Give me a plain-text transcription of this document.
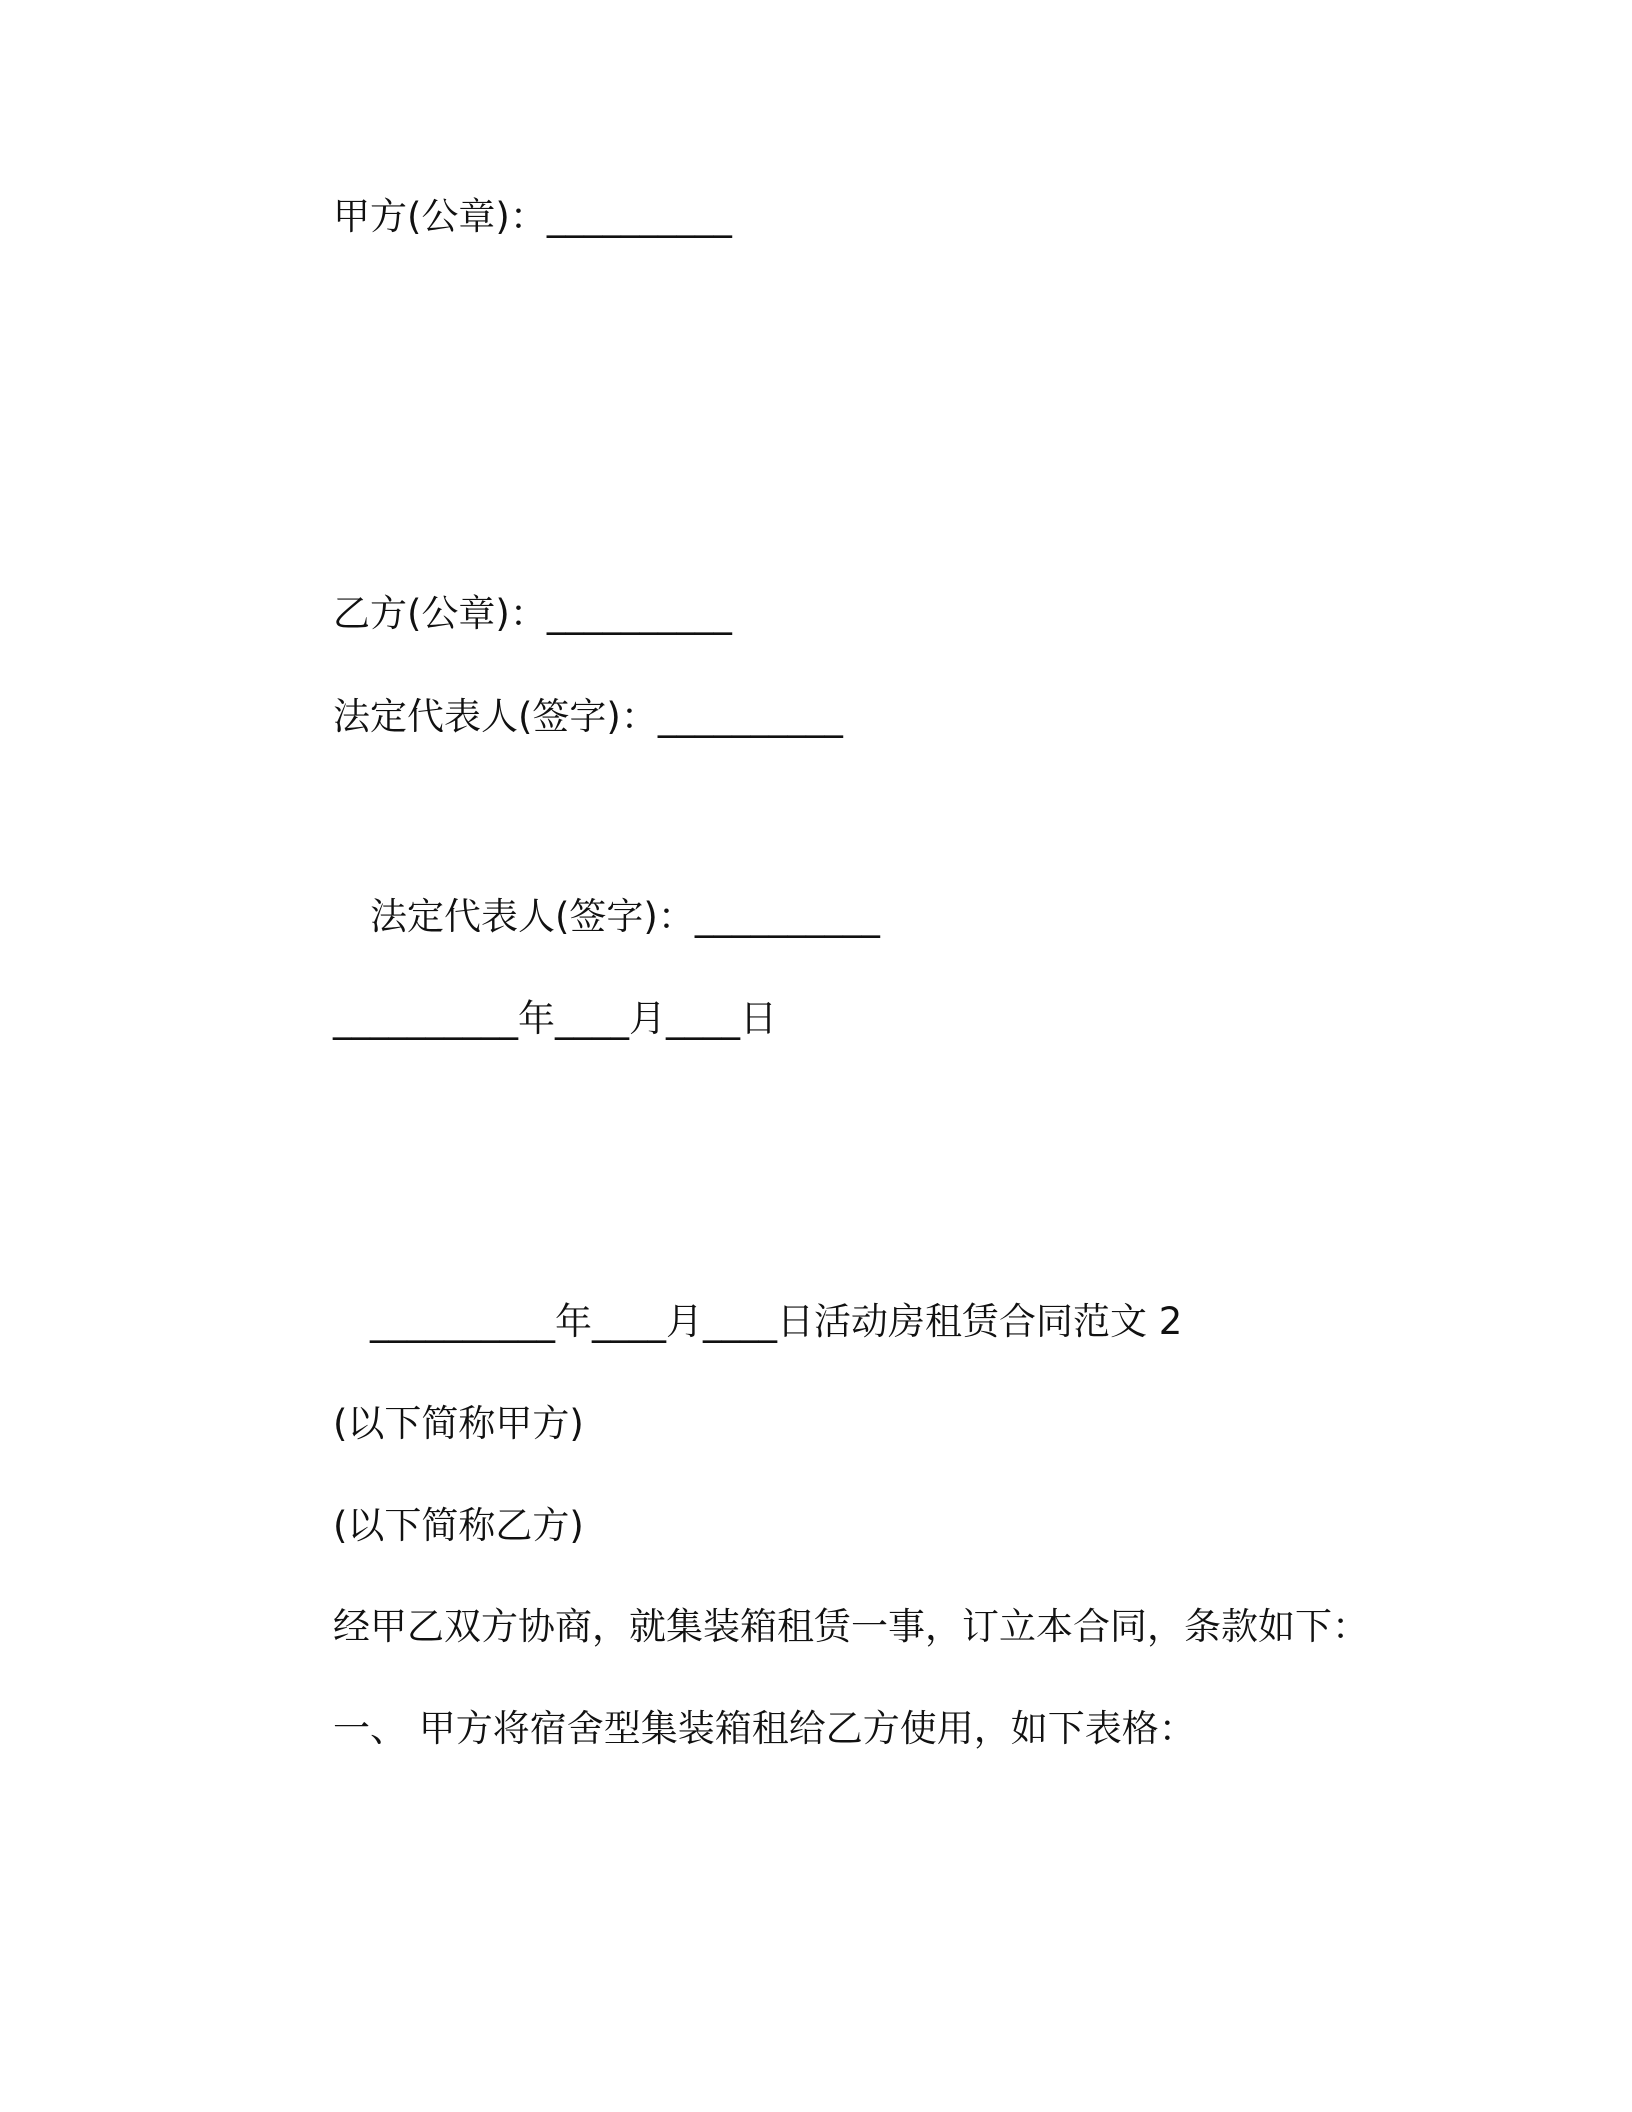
甲方(公章)：__________
乙方(公章)：__________
法定代表人(签字)：__________
法定代表人(签字)：__________
__________年____月____日
__________年____月____日活动房租赁合同范文 2
(以下简称甲方)
(以下简称乙方)
经甲乙双方协商，就集装箱租赁一事，订立本合同，条款如下：
一、 甲方将宿舍型集装箱租给乙方使用，如下表格：
